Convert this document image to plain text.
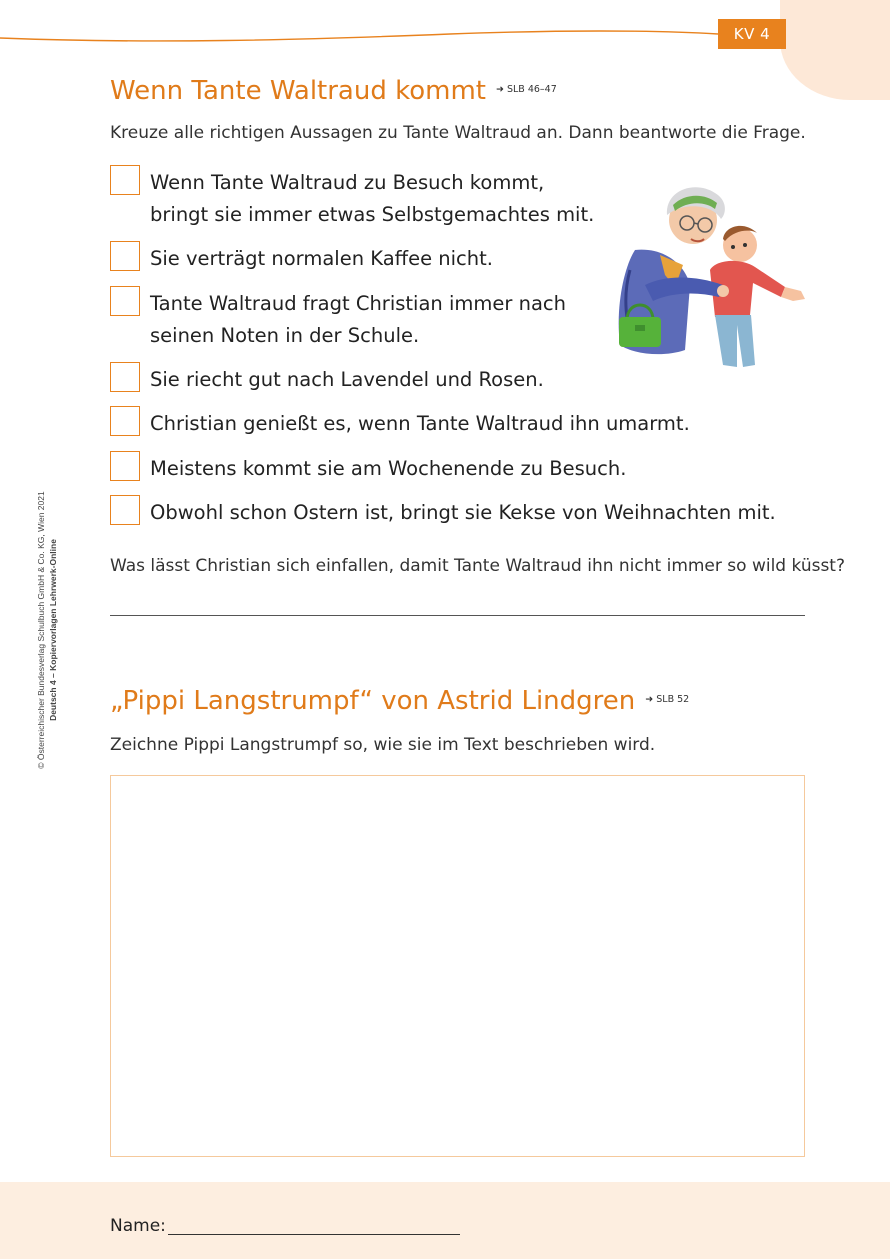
KV 4
Wenn Tante Waltraud kommt ➜ SLB 46–47
Kreuze alle richtigen Aussagen zu Tante Waltraud an. Dann beantworte die Frage.
Wenn Tante Waltraud zu Besuch kommt,
bringt sie immer etwas Selbstgemachtes mit.
Sie verträgt normalen Kaffee nicht.
Tante Waltraud fragt Christian immer nach
seinen Noten in der Schule.
Sie riecht gut nach Lavendel und Rosen.
Christian genießt es, wenn Tante Waltraud ihn umarmt.
Meistens kommt sie am Wochenende zu Besuch.
Obwohl schon Ostern ist, bringt sie Kekse von Weihnachten mit.
Was lässt Christian sich einfallen, damit Tante Waltraud ihn nicht immer so wild küsst?
„Pippi Langstrumpf“ von Astrid Lindgren ➜ SLB 52
Zeichne Pippi Langstrumpf so, wie sie im Text beschrieben wird.
Name:
© Österreichischer Bundesverlag Schulbuch GmbH & Co. KG, Wien 2021 Deutsch 4 – Kopiervorlagen Lehrwerk-Online
